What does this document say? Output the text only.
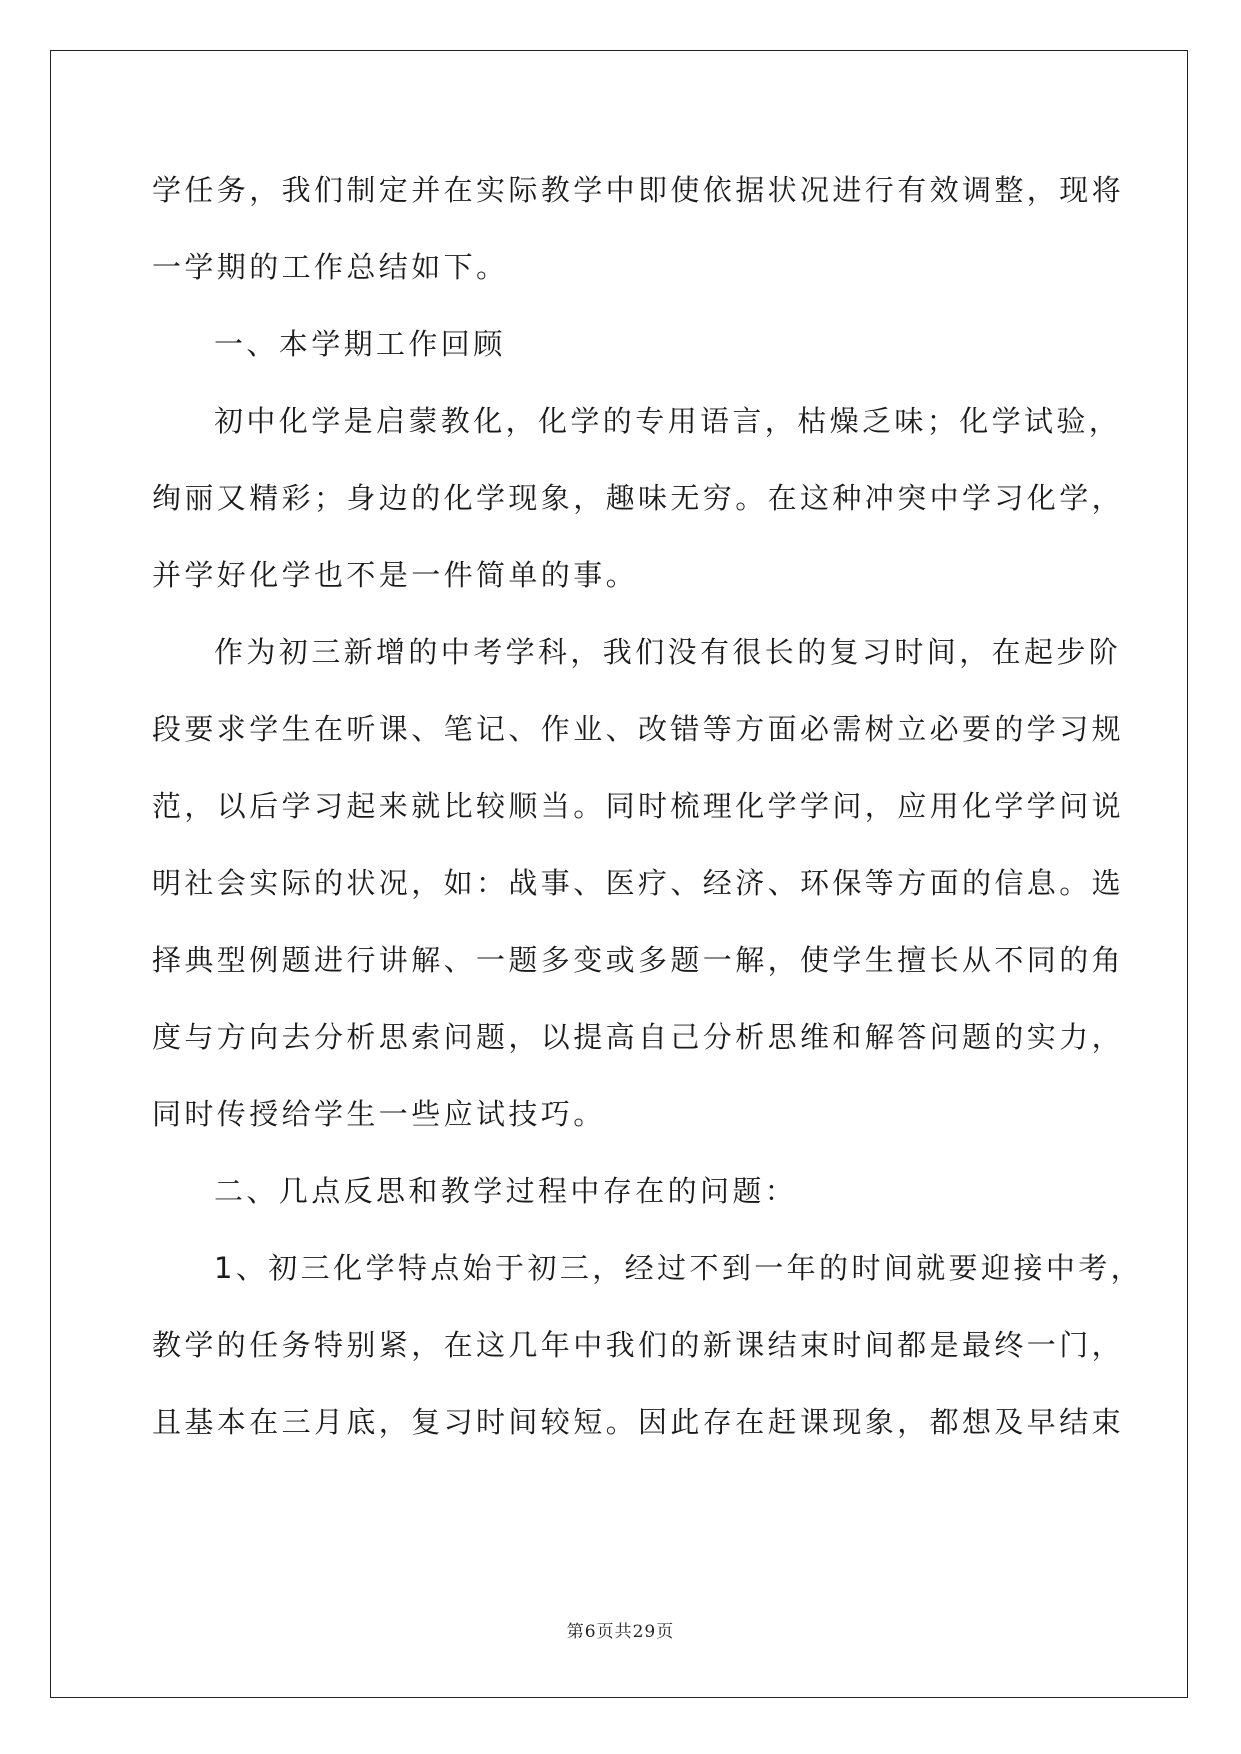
学任务，我们制定并在实际教学中即使依据状况进行有效调整，现将
一学期的工作总结如下。
一、本学期工作回顾
初中化学是启蒙教化，化学的专用语言，枯燥乏味；化学试验，
绚丽又精彩；身边的化学现象，趣味无穷。在这种冲突中学习化学，
并学好化学也不是一件简单的事。
作为初三新增的中考学科，我们没有很长的复习时间，在起步阶
段要求学生在听课、笔记、作业、改错等方面必需树立必要的学习规
范，以后学习起来就比较顺当。同时梳理化学学问，应用化学学问说
明社会实际的状况，如：战事、医疗、经济、环保等方面的信息。选
择典型例题进行讲解、一题多变或多题一解，使学生擅长从不同的角
度与方向去分析思索问题，以提高自己分析思维和解答问题的实力，
同时传授给学生一些应试技巧。
二、几点反思和教学过程中存在的问题：
1、初三化学特点始于初三，经过不到一年的时间就要迎接中考，
教学的任务特别紧，在这几年中我们的新课结束时间都是最终一门，
且基本在三月底，复习时间较短。因此存在赶课现象，都想及早结束
第6页共29页
